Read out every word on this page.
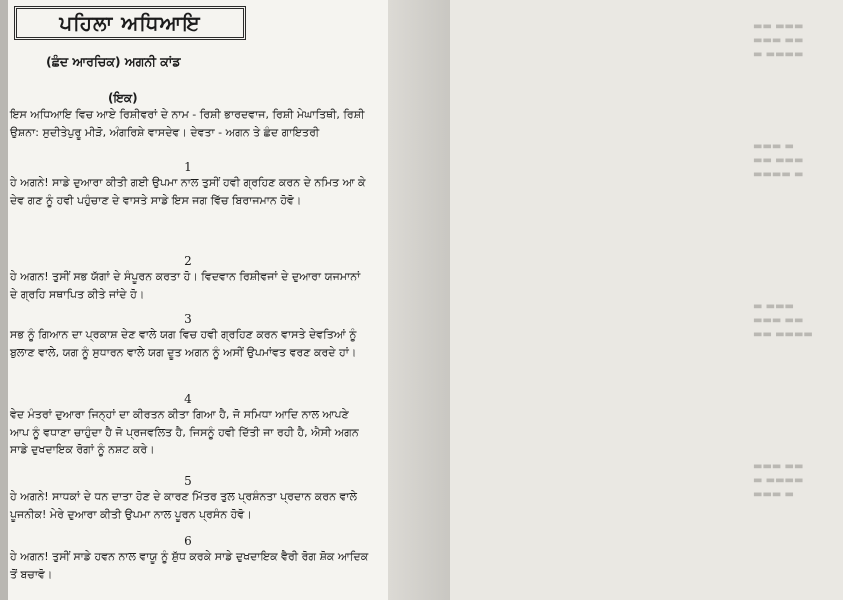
▬▬ ▬▬▬
▬▬▬ ▬▬
▬ ▬▬▬▬
▬▬▬ ▬
▬▬ ▬▬▬
▬▬▬▬ ▬
▬ ▬▬▬
▬▬▬ ▬▬
▬▬ ▬▬▬▬
▬▬▬ ▬▬
▬ ▬▬▬▬
▬▬▬ ▬
ਪਹਿਲਾ ਅਧਿਆਇ
(ਛੰਦ ਆਰਚਿਕ) ਅਗਨੀ ਕਾਂਡ
(ਇਕ)
ਇਸ ਅਧਿਆਇ ਵਿਚ ਆਏ ਰਿਸ਼ੀਵਰਾਂ ਦੇ ਨਾਮ - ਰਿਸ਼ੀ ਭਾਰਦਵਾਜ, ਰਿਸ਼ੀ ਮੇਘਾਤਿਥੀ, ਰਿਸ਼ੀ ਉਸ਼ਨਾ: ਸੁਦੀਤੇਪੁਰੂ ਮੀੜੋ, ਅੰਗਰਿਸ਼ੇ ਵਾਸਦੇਵ। ਦੇਵਤਾ - ਅਗਨ ਤੇ ਛੰਦ ਗਾਇਤਰੀ
1
ਹੇ ਅਗਨੇ! ਸਾਡੇ ਦੁਆਰਾ ਕੀਤੀ ਗਈ ਉਪਮਾ ਨਾਲ ਤੁਸੀਂ ਹਵੀ ਗ੍ਰਹਿਣ ਕਰਨ ਦੇ ਨਮਿਤ ਆ ਕੇ ਦੇਵ ਗਣ ਨੂੰ ਹਵੀ ਪਹੁੰਚਾਣ ਦੇ ਵਾਸਤੇ ਸਾਡੇ ਇਸ ਜਗ ਵਿੱਚ ਬਿਰਾਜਮਾਨ ਹੋਵੋ।
2
ਹੇ ਅਗਨ! ਤੁਸੀਂ ਸਭ ਯੱਗਾਂ ਦੇ ਸੰਪੂਰਨ ਕਰਤਾ ਹੋ। ਵਿਦਵਾਨ ਰਿਸ਼ੀਵਜਾਂ ਦੇ ਦੁਆਰਾ ਯਜਮਾਨਾਂ ਦੇ ਗ੍ਰਹਿ ਸਥਾਪਿਤ ਕੀਤੇ ਜਾਂਦੇ ਹੋ।
3
ਸਭ ਨੂੰ ਗਿਆਨ ਦਾ ਪ੍ਰਕਾਸ਼ ਦੇਣ ਵਾਲੇ ਯਗ ਵਿਚ ਹਵੀ ਗ੍ਰਹਿਣ ਕਰਨ ਵਾਸਤੇ ਦੇਵਤਿਆਂ ਨੂੰ ਬੁਲਾਣ ਵਾਲੇ, ਯਗ ਨੂੰ ਸੁਧਾਰਨ ਵਾਲੇ ਯਗ ਦੂਤ ਅਗਨ ਨੂੰ ਅਸੀਂ ਉਪਮਾਂਵਤ ਵਰਣ ਕਰਦੇ ਹਾਂ।
4
ਵੇਦ ਮੰਤਰਾਂ ਦੁਆਰਾ ਜਿਨ੍ਹਾਂ ਦਾ ਕੀਰਤਨ ਕੀਤਾ ਗਿਆ ਹੈ, ਜੋ ਸਮਿਧਾ ਆਦਿ ਨਾਲ ਆਪਣੇ ਆਪ ਨੂੰ ਵਧਾਣਾ ਚਾਹੁੰਦਾ ਹੈ ਜੋ ਪ੍ਰਜਵਲਿਤ ਹੈ, ਜਿਸਨੂੰ ਹਵੀ ਦਿੱਤੀ ਜਾ ਰਹੀ ਹੈ, ਐਸੀ ਅਗਨ ਸਾਡੇ ਦੁਖਦਾਇਕ ਰੋਗਾਂ ਨੂੰ ਨਸ਼ਟ ਕਰੇ।
5
ਹੇ ਅਗਨੇ! ਸਾਧਕਾਂ ਦੇ ਧਨ ਦਾਤਾ ਹੋਣ ਦੇ ਕਾਰਣ ਮਿੱਤਰ ਤੁਲ ਪ੍ਰਸ਼ੰਨਤਾ ਪ੍ਰਦਾਨ ਕਰਨ ਵਾਲੇ ਪੂਜਨੀਕ! ਮੇਰੇ ਦੁਆਰਾ ਕੀਤੀ ਉਪਮਾ ਨਾਲ ਪੂਰਨ ਪ੍ਰਸੰਨ ਹੋਵੋ।
6
ਹੇ ਅਗਨ! ਤੁਸੀਂ ਸਾਡੇ ਹਵਨ ਨਾਲ ਵਾਯੂ ਨੂੰ ਸ਼ੁੱਧ ਕਰਕੇ ਸਾਡੇ ਦੁਖਦਾਇਕ ਵੈਰੀ ਰੋਗ ਸ਼ੋਕ ਆਦਿਕ ਤੋਂ ਬਚਾਵੋ।
